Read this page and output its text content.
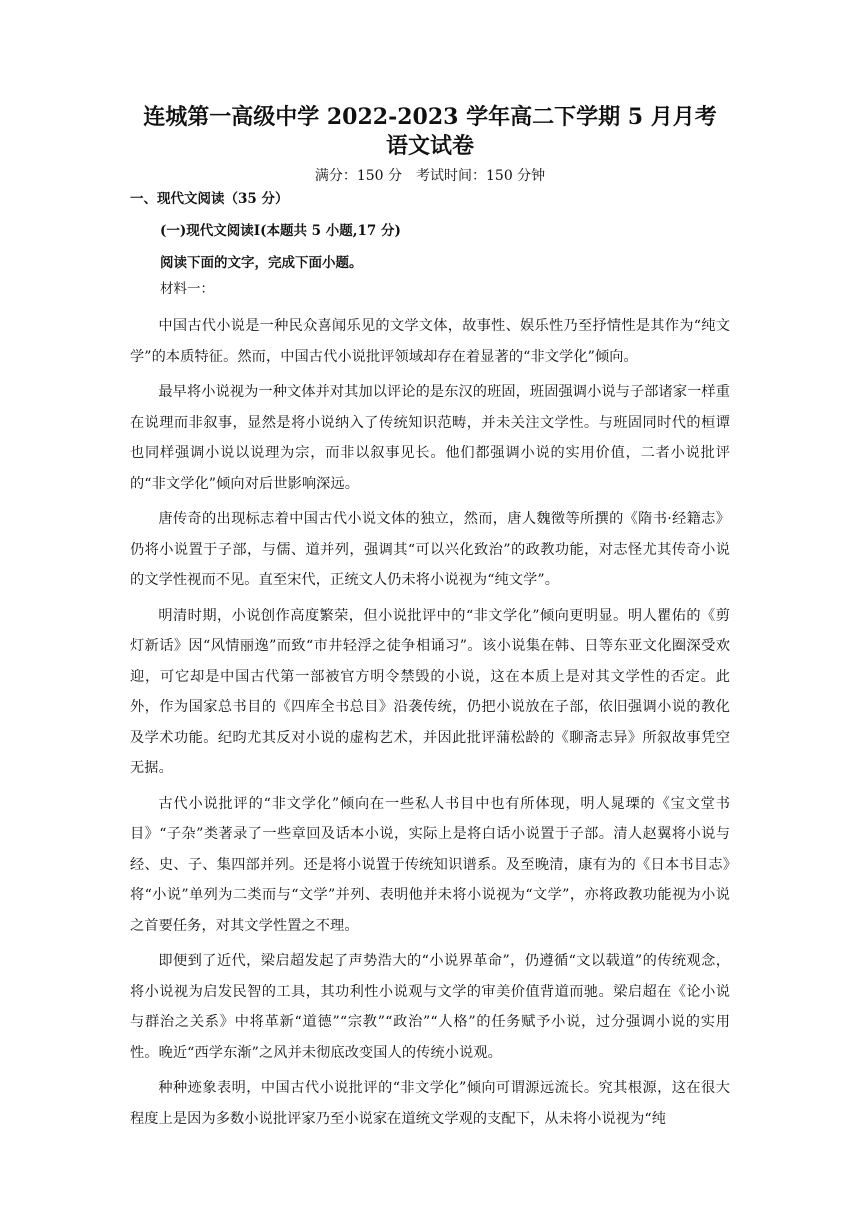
连城第一高级中学 2022-2023 学年高二下学期 5 月月考
语文试卷
满分：150 分　考试时间：150 分钟
一、现代文阅读（35 分）
(一)现代文阅读Ⅰ(本题共 5 小题,17 分)
阅读下面的文字，完成下面小题。
材料一：

中国古代小说是一种民众喜闻乐见的文学文体，故事性、娱乐性乃至抒情性是其作为“纯文学”的本质特征。然而，中国古代小说批评领域却存在着显著的“非文学化”倾向。

最早将小说视为一种文体并对其加以评论的是东汉的班固，班固强调小说与子部诸家一样重在说理而非叙事，显然是将小说纳入了传统知识范畴，并未关注文学性。与班固同时代的桓谭也同样强调小说以说理为宗，而非以叙事见长。他们都强调小说的实用价值，二者小说批评的“非文学化”倾向对后世影响深远。

唐传奇的出现标志着中国古代小说文体的独立，然而，唐人魏徵等所撰的《隋书·经籍志》仍将小说置于子部，与儒、道并列，强调其“可以兴化致治”的政教功能，对志怪尤其传奇小说的文学性视而不见。直至宋代，正统文人仍未将小说视为“纯文学”。

明清时期，小说创作高度繁荣，但小说批评中的“非文学化”倾向更明显。明人瞿佑的《剪灯新话》因“风情丽逸”而致“市井轻浮之徒争相诵习”。该小说集在韩、日等东亚文化圈深受欢迎，可它却是中国古代第一部被官方明令禁毁的小说，这在本质上是对其文学性的否定。此外，作为国家总书目的《四库全书总目》沿袭传统，仍把小说放在子部，依旧强调小说的教化及学术功能。纪昀尤其反对小说的虚构艺术，并因此批评蒲松龄的《聊斋志异》所叙故事凭空无据。

古代小说批评的“非文学化”倾向在一些私人书目中也有所体现，明人晁瑮的《宝文堂书目》“子杂”类著录了一些章回及话本小说，实际上是将白话小说置于子部。清人赵翼将小说与经、史、子、集四部并列。还是将小说置于传统知识谱系。及至晚清，康有为的《日本书目志》将“小说”单列为二类而与“文学”并列、表明他并未将小说视为“文学”，亦将政教功能视为小说之首要任务，对其文学性置之不理。

即便到了近代，梁启超发起了声势浩大的“小说界革命”，仍遵循“文以载道”的传统观念，将小说视为启发民智的工具，其功利性小说观与文学的审美价值背道而驰。梁启超在《论小说与群治之关系》中将革新“道德”“宗教”“政治”“人格”的任务赋予小说，过分强调小说的实用性。晚近“西学东渐”之风并未彻底改变国人的传统小说观。

种种迹象表明，中国古代小说批评的“非文学化”倾向可谓源远流长。究其根源，这在很大程度上是因为多数小说批评家乃至小说家在道统文学观的支配下，从未将小说视为“纯
